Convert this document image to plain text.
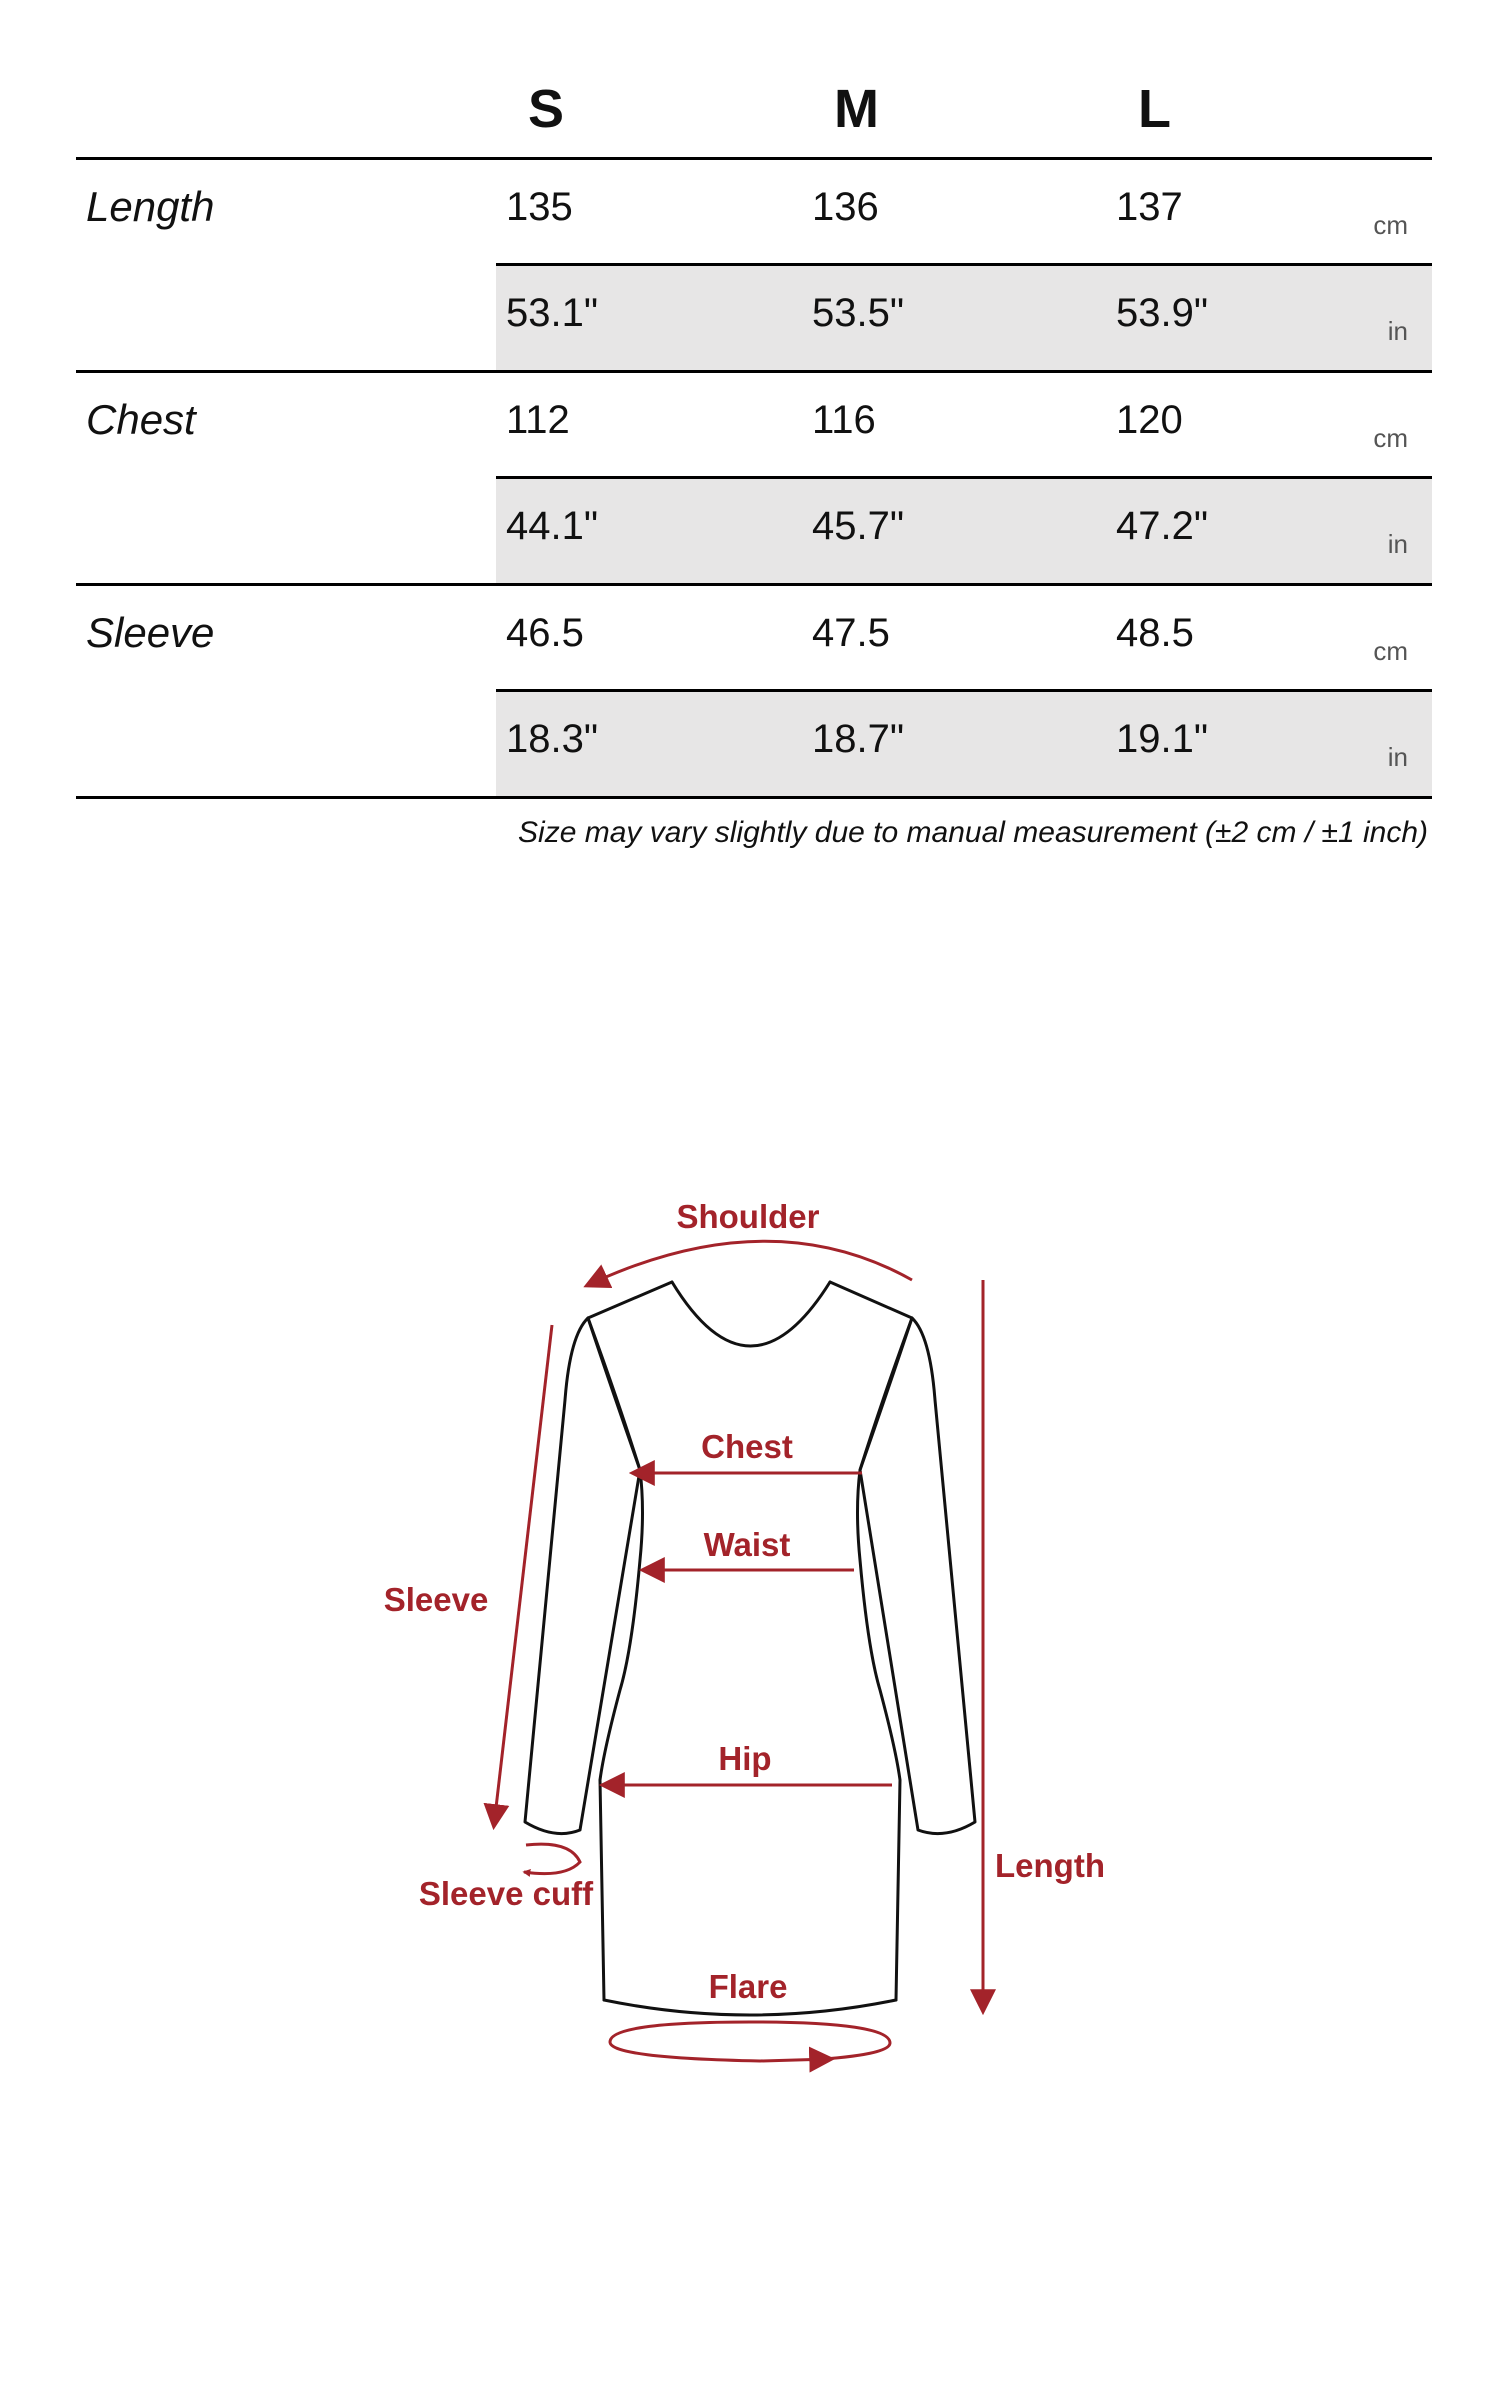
S	M	L
Length	135	136	137	cm
53.1"	53.5"	53.9"	in
Chest	112	116	120	cm
44.1"	45.7"	47.2"	in
Sleeve	46.5	47.5	48.5	cm
18.3"	18.7"	19.1"	in
Size may vary slightly due to manual measurement (±2 cm / ±1 inch)
Shoulder
Chest
Waist
Sleeve
Hip
Length
Sleeve cuff
Flare
